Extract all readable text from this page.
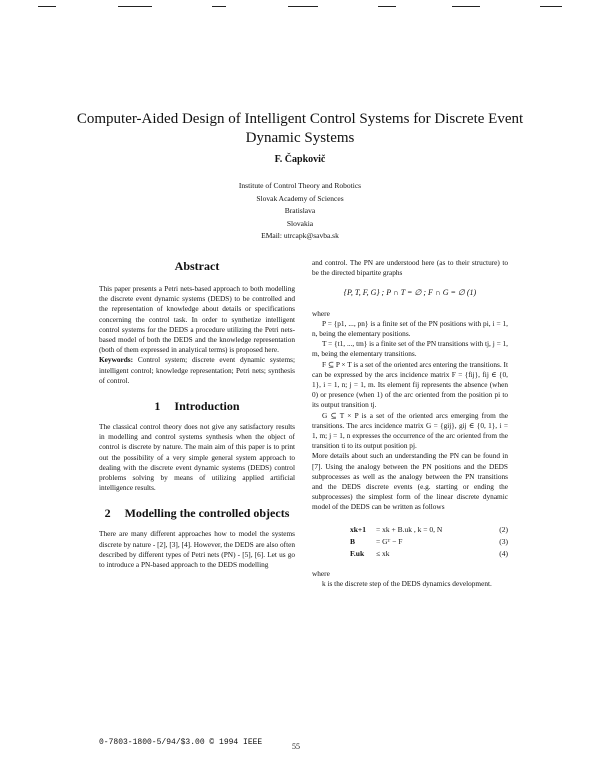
Computer-Aided Design of Intelligent Control Systems for Discrete Event Dynamic Systems
F. Čapkovič
Institute of Control Theory and Robotics
Slovak Academy of Sciences
Bratislava
Slovakia
EMail: utrcapk@savba.sk
Abstract

This paper presents a Petri nets-based approach to both modelling the discrete event dynamic systems (DEDS) to be controlled and the representation of knowledge about details or specifications concerning the control task. In order to synthetize intelligent control systems for the DEDS a procedure utilizing the Petri nets-based model of both the DEDS and the knowledge representation (both of them expressed in analytical terms) is proposed here.

Keywords: Control system; discrete event dynamic systems; intelligent control; knowledge representation; Petri nets; synthesis of control.

1 Introduction

The classical control theory does not give any satisfactory results in modelling and control systems synthesis when the object of control is discrete by nature. The main aim of this paper is to print out the possibility of a very simple general system approach to dealing with the discrete event dynamic systems (DEDS) control problems solving by means of utilizing applied artificial intelligence results.

2 Modelling the controlled objects

There are many different approaches how to model the systems discrete by nature - [2], [3], [4]. However, the DEDS are also often described by different types of Petri nets (PN) - [5], [6]. Let us go to introduce a PN-based approach to the DEDS modelling

and control. The PN are understood here (as to their structure) to be the directed bipartite graphs

{P, T, F, G} ; P ∩ T = ∅ ; F ∩ G = ∅ (1)

where

P = {p1, ..., pn} is a finite set of the PN positions with pi, i = 1, n, being the elementary positions.

T = {t1, ..., tm} is a finite set of the PN transitions with tj, j = 1, m, being the elementary transitions.

F ⊆ P × T is a set of the oriented arcs entering the transitions. It can be expressed by the arcs incidence matrix F = {fij}, fij ∈ {0, 1}, i = 1, n; j = 1, m. Its element fij represents the absence (when 0) or presence (when 1) of the arc oriented from the position pi to its output transition tj.

G ⊆ T × P is a set of the oriented arcs emerging from the transitions. The arcs incidence matrix G = {gij}, gij ∈ {0, 1}, i = 1, m; j = 1, n expresses the occurrence of the arc oriented from the transition ti to its output position pj.

More details about such an understanding the PN can be found in [7]. Using the analogy between the PN positions and the DEDS subprocesses as well as the analogy between the PN transitions and the DEDS discrete events (e.g. starting or ending the subprocesses) the simplest form of the linear discrete dynamic model of the DEDS can be written as follows

xk+1	= xk + B.uk , k = 0, N	(2)
B	= Gᵀ − F	(3)
F.uk	≤ xk	(4)

where

k is the discrete step of the DEDS dynamics development.

0-7803-1800-5/94/$3.00 © 1994 IEEE	55
